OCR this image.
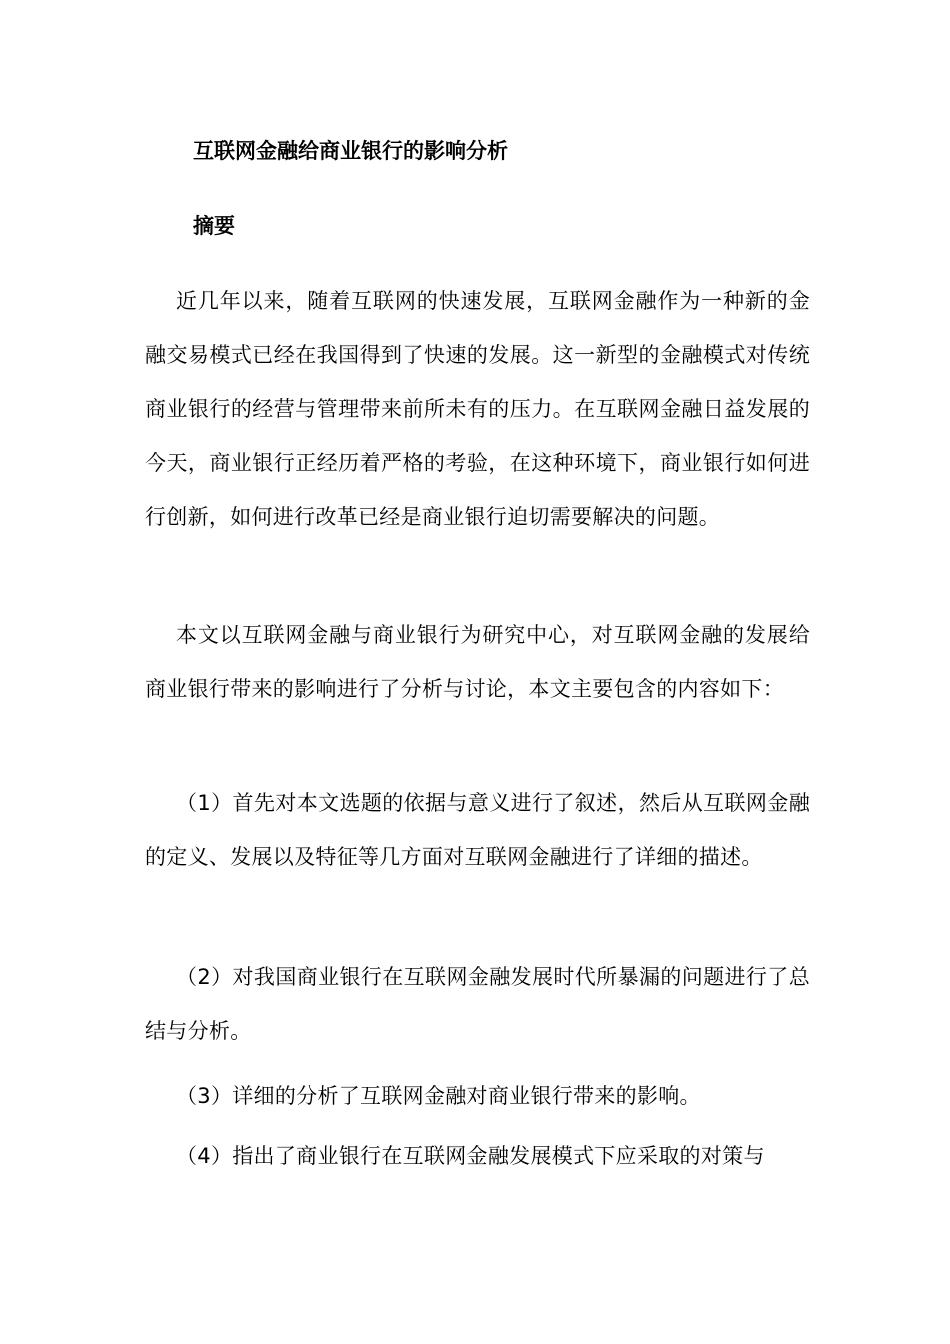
互联网金融给商业银行的影响分析
摘要

近几年以来，随着互联网的快速发展，互联网金融作为一种新的金融交易模式已经在我国得到了快速的发展。这一新型的金融模式对传统商业银行的经营与管理带来前所未有的压力。在互联网金融日益发展的今天，商业银行正经历着严格的考验，在这种环境下，商业银行如何进行创新，如何进行改革已经是商业银行迫切需要解决的问题。

本文以互联网金融与商业银行为研究中心，对互联网金融的发展给商业银行带来的影响进行了分析与讨论，本文主要包含的内容如下：

（1）首先对本文选题的依据与意义进行了叙述，然后从互联网金融的定义、发展以及特征等几方面对互联网金融进行了详细的描述。

（2）对我国商业银行在互联网金融发展时代所暴漏的问题进行了总结与分析。

（3）详细的分析了互联网金融对商业银行带来的影响。

（4）指出了商业银行在互联网金融发展模式下应采取的对策与
